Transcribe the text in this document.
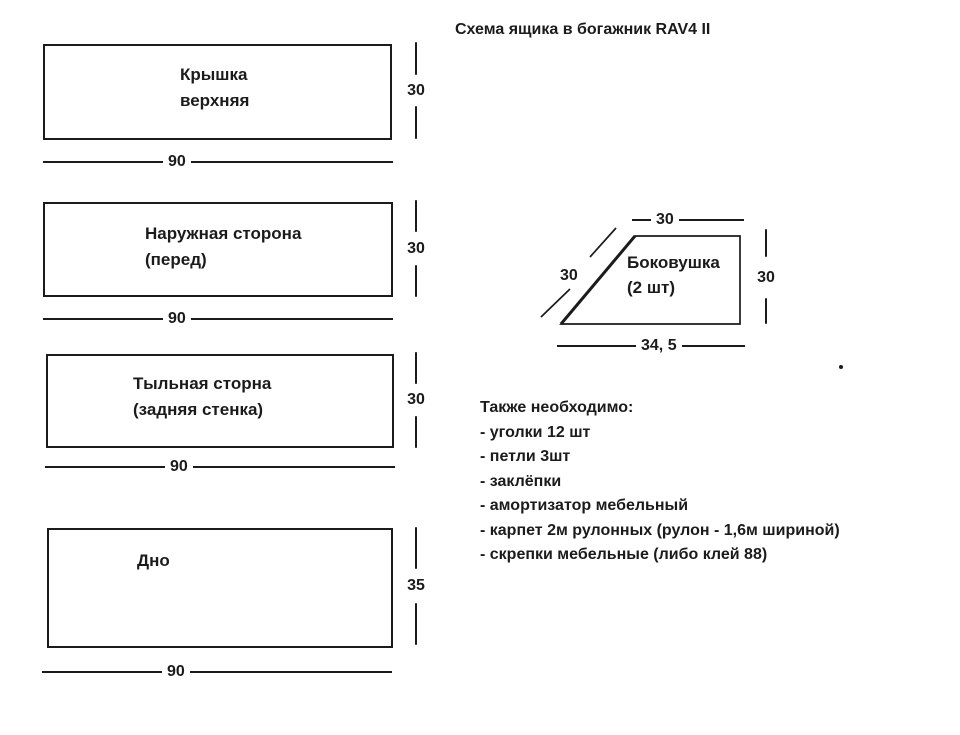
Схема ящика в богажник RAV4 II
Крышка
верхняя
30
90
Наружная сторона
(перед)
30
90
Тыльная сторна
(задняя стенка)
30
90
Дно
35
90
Боковушка
(2 шт)
30
30	30
34, 5
Также необходимо:
- уголки 12 шт
- петли 3шт
- заклёпки
- амортизатор мебельный
- карпет 2м рулонных (рулон - 1,6м шириной)
- скрепки мебельные (либо клей 88)
